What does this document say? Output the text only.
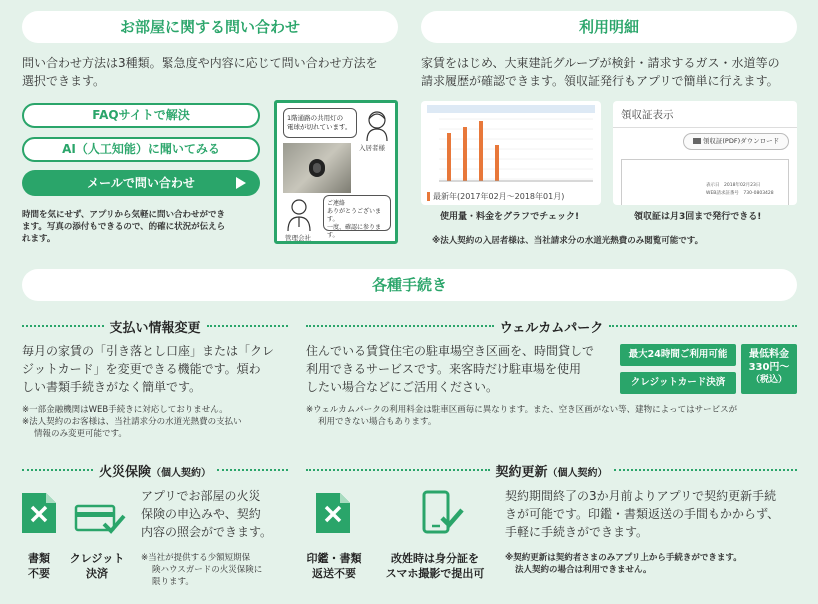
お部屋に関する問い合わせ
問い合わせ方法は3種類。緊急度や内容に応じて問い合わせ方法を
選択できます。
FAQサイトで解決
AI（人工知能）に聞いてみる
メールで問い合わせ
時間を気にせず、アプリから気軽に問い合わせができ
ます。写真の添付もできるので、的確に状況が伝えら
れます。
1階通路の共用灯の
電球が切れています。
入居者様
ご連絡
ありがとうございます。
一度、確認に参ります。
管理会社
利用明細
家賃をはじめ、大東建託グループが検針・請求するガス・水道等の
請求履歴が確認できます。領収証発行もアプリで簡単に行えます。
最新年(2017年02月〜2018年01月)
使用量・料金をグラフでチェック!
領収証表示
領収証(PDF)ダウンロード
表示日　 2018年02月23日
WEB請求証番号　 730-0803428
領収証は月3回まで発行できる!
※法人契約の入居者様は、当社請求分の水道光熱費のみ閲覧可能です。
各種手続き
支払い情報変更
毎月の家賃の「引き落とし口座」または「クレ
ジットカード」を変更できる機能です。煩わ
しい書類手続きがなく簡単です。
※一部金融機関はWEB手続きに対応しておりません。
※法人契約のお客様は、当社請求分の水道光熱費の支払い
情報のみ変更可能です。
ウェルカムパーク
住んでいる賃貸住宅の駐車場空き区画を、時間貸しで
利用できるサービスです。来客時だけ駐車場を使用
したい場合などにご活用ください。
最大24時間ご利用可能
クレジットカード決済
最低料金
330円〜
（税込）
※ウェルカムパークの利用料金は駐車区画毎に異なります。また、空き区画がない等、建物によってはサービスが
利用できない場合もあります。
火災保険（個人契約）
書類
不要
クレジット
決済
アプリでお部屋の火災
保険の申込みや、契約
内容の照会ができます。
※当社が提供する少額短期保
険ハウスガードの火災保険に
限ります。
契約更新（個人契約）
印鑑・書類
返送不要
改姓時は身分証を
スマホ撮影で提出可
契約期間終了の3か月前よりアプリで契約更新手続
きが可能です。印鑑・書類返送の手間もかからず、
手軽に手続きができます。
※契約更新は契約者さまのみアプリ上から手続きができます。
法人契約の場合は利用できません。
